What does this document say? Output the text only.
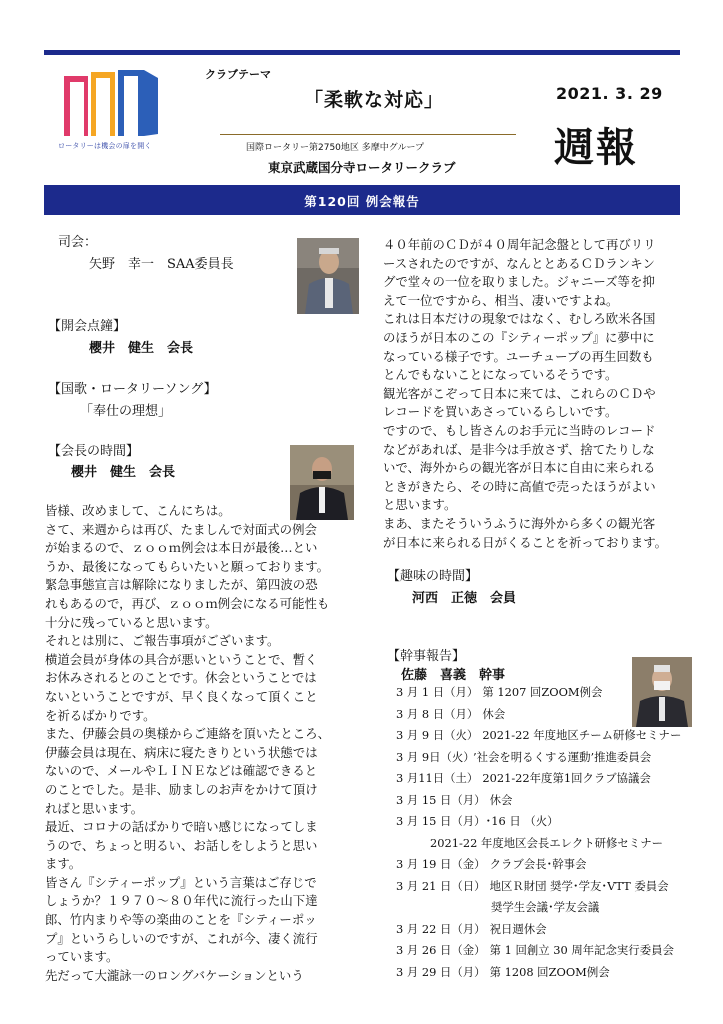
ロータリーは機会の扉を開く
クラブテーマ
「柔軟な対応」
国際ロータリー第2750地区 多摩中グループ
東京武蔵国分寺ロータリークラブ
2021. 3. 29
週報
第120回 例会報告
司会：
矢野　幸一　SAA委員長
【開会点鐘】
櫻井　健生　会長
【国歌・ロータリーソング】
「奉仕の理想」
【会長の時間】
櫻井　健生　会長
皆様、改めまして、こんにちは。
さて、来週からは再び、たましんで対面式の例会
が始まるので、ｚｏｏｍ例会は本日が最後…とい
うか、最後になってもらいたいと願っております。
緊急事態宣言は解除になりましたが、第四波の恐
れもあるので，再び、ｚｏｏｍ例会になる可能性も
十分に残っていると思います。
それとは別に、ご報告事項がございます。
横道会員が身体の具合が悪いということで、暫く
お休みされるとのことです。休会ということでは
ないということですが、早く良くなって頂くこと
を祈るばかりです。
また、伊藤会員の奥様からご連絡を頂いたところ、
伊藤会員は現在、病床に寝たきりという状態では
ないので、メールやＬＩＮＥなどは確認できると
のことでした。是非、励ましのお声をかけて頂け
ればと思います。
最近、コロナの話ばかりで暗い感じになってしま
うので、ちょっと明るい、お話しをしようと思い
ます。
皆さん『シティーポップ』という言葉はご存じで
しょうか？１９７０～８０年代に流行った山下達
郎、竹内まりや等の楽曲のことを『シティーポッ
プ』というらしいのですが、これが今、凄く流行
っています。
先だって大瀧詠一のロングバケーションという
４０年前のＣＤが４０周年記念盤として再びリリ
ースされたのですが、なんととあるＣＤランキン
グで堂々の一位を取りました。ジャニーズ等を抑
えて一位ですから、相当、凄いですよね。
これは日本だけの現象ではなく、むしろ欧米各国
のほうが日本のこの『シティーポップ』に夢中に
なっている様子です。ユーチューブの再生回数も
とんでもないことになっているそうです。
観光客がこぞって日本に来ては、これらのＣＤや
レコードを買いあさっているらしいです。
ですので、もし皆さんのお手元に当時のレコード
などがあれば、是非今は手放さず、捨てたりしな
いで、海外からの観光客が日本に自由に来られる
ときがきたら、その時に高値で売ったほうがよい
と思います。
まあ、またそういうふうに海外から多くの観光客
が日本に来られる日がくることを祈っております。
【趣味の時間】
河西　正徳　会員
【幹事報告】
佐藤　喜義　幹事
3 月 1 日（月） 第 1207 回ZOOM例会
3 月 8 日（月） 休会
3 月 9 日（火） 2021-22 年度地区チーム研修セミナー
3 月 9日（火） ’社会を明るくする運動’推進委員会
3 月11日（土） 2021-22年度第1回クラブ協議会
3 月 15 日（月） 休会
3 月 15 日（月）･16 日 （火）
2021-22 年度地区会長エレクト研修セミナー
3 月 19 日（金） クラブ会長･幹事会
3 月 21 日（日） 地区Ｒ財団 奨学･学友･VTT 委員会
奨学生会議･学友会議
3 月 22 日（月） 祝日週休会
3 月 26 日（金） 第 1 回創立 30 周年記念実行委員会
3 月 29 日（月） 第 1208 回ZOOM例会
